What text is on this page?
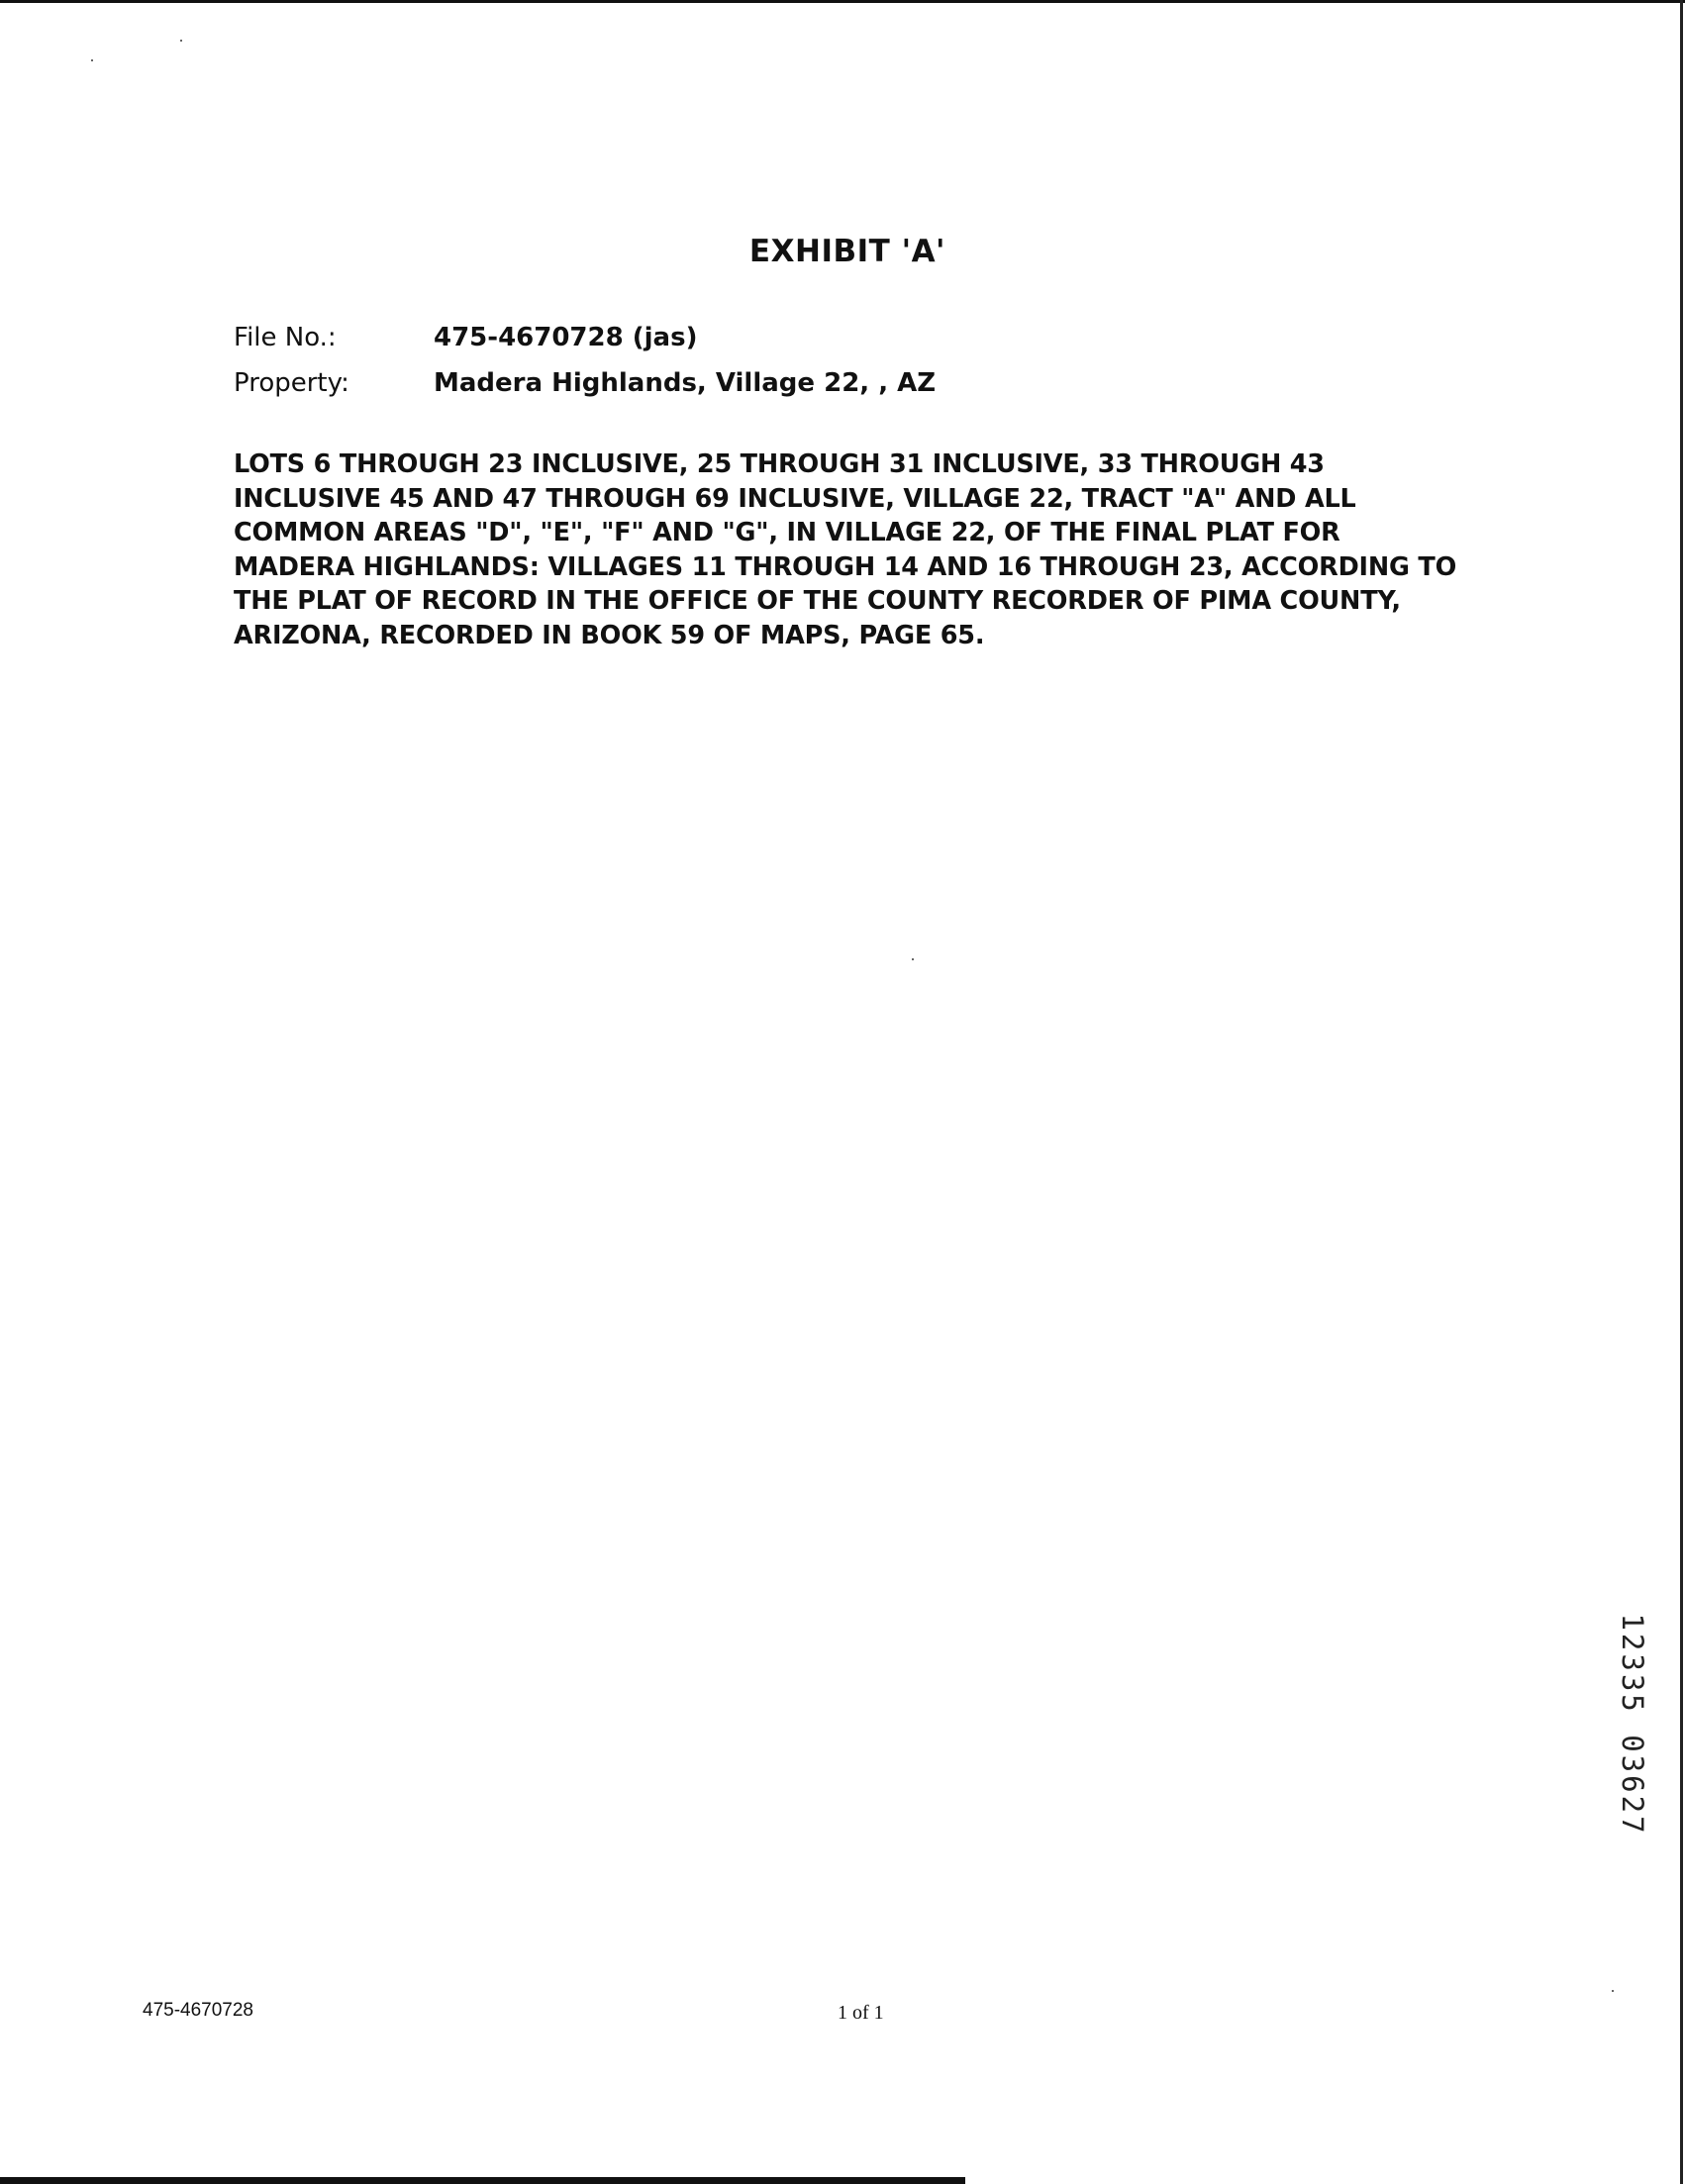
EXHIBIT 'A'
File No.:	475-4670728 (jas)
Property:	Madera Highlands, Village 22, , AZ
LOTS 6 THROUGH 23 INCLUSIVE, 25 THROUGH 31 INCLUSIVE, 33 THROUGH 43
INCLUSIVE 45 AND 47 THROUGH 69 INCLUSIVE, VILLAGE 22, TRACT "A" AND ALL
COMMON AREAS "D", "E", "F" AND "G", IN VILLAGE 22, OF THE FINAL PLAT FOR
MADERA HIGHLANDS: VILLAGES 11 THROUGH 14 AND 16 THROUGH 23, ACCORDING TO
THE PLAT OF RECORD IN THE OFFICE OF THE COUNTY RECORDER OF PIMA COUNTY,
ARIZONA, RECORDED IN BOOK 59 OF MAPS, PAGE 65.
12335 03627
475-4670728	1 of 1
